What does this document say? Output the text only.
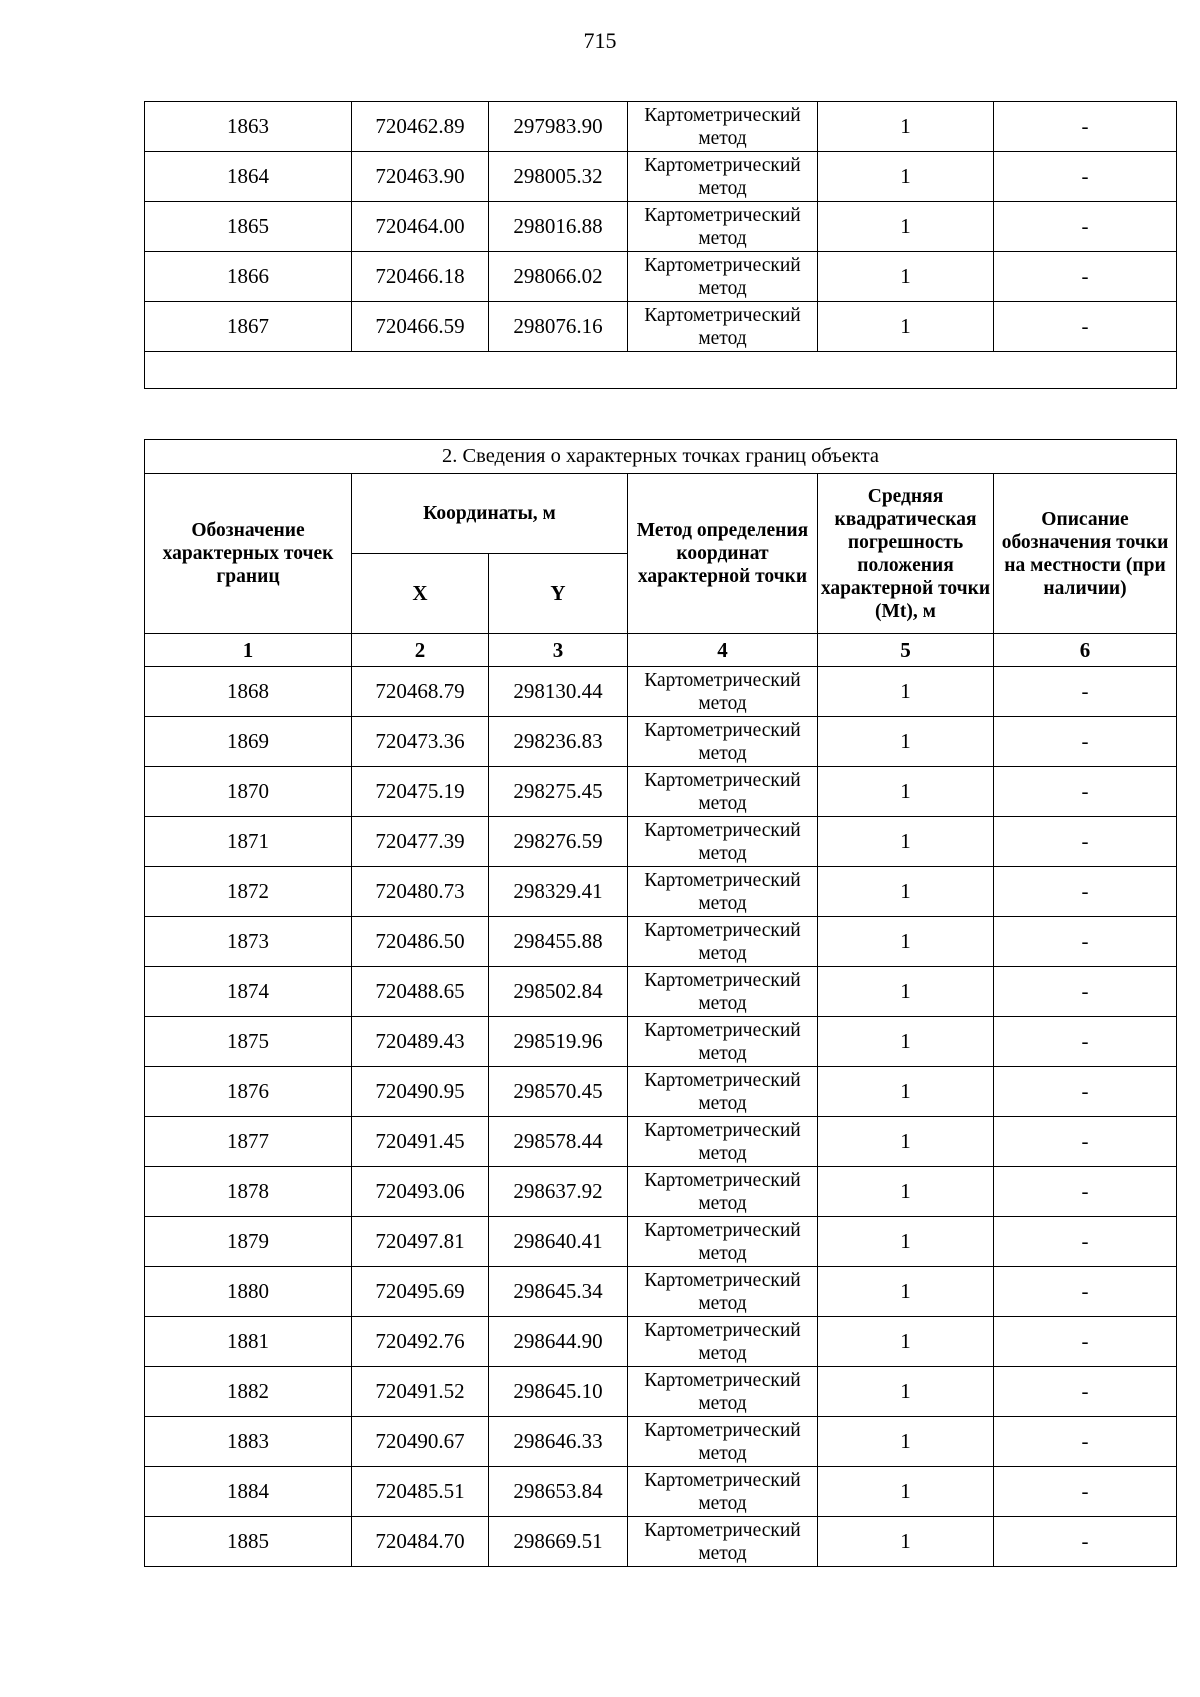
715
1863	720462.89	297983.90	Картометрический метод	1	-
1864	720463.90	298005.32	Картометрический метод	1	-
1865	720464.00	298016.88	Картометрический метод	1	-
1866	720466.18	298066.02	Картометрический метод	1	-
1867	720466.59	298076.16	Картометрический метод	1	-

2. Сведения о характерных точках границ объекта					
Обозначение характерных точек границ	Координаты, м		Метод определения координат характерной точки	Средняя квадратическая погрешность положения характерной точки (Mt), м	Описание обозначения точки на местности (при наличии)
	X	Y			
1	2	3	4	5	6
1868	720468.79	298130.44	Картометрический метод	1	-
1869	720473.36	298236.83	Картометрический метод	1	-
1870	720475.19	298275.45	Картометрический метод	1	-
1871	720477.39	298276.59	Картометрический метод	1	-
1872	720480.73	298329.41	Картометрический метод	1	-
1873	720486.50	298455.88	Картометрический метод	1	-
1874	720488.65	298502.84	Картометрический метод	1	-
1875	720489.43	298519.96	Картометрический метод	1	-
1876	720490.95	298570.45	Картометрический метод	1	-
1877	720491.45	298578.44	Картометрический метод	1	-
1878	720493.06	298637.92	Картометрический метод	1	-
1879	720497.81	298640.41	Картометрический метод	1	-
1880	720495.69	298645.34	Картометрический метод	1	-
1881	720492.76	298644.90	Картометрический метод	1	-
1882	720491.52	298645.10	Картометрический метод	1	-
1883	720490.67	298646.33	Картометрический метод	1	-
1884	720485.51	298653.84	Картометрический метод	1	-
1885	720484.70	298669.51	Картометрический метод	1	-
